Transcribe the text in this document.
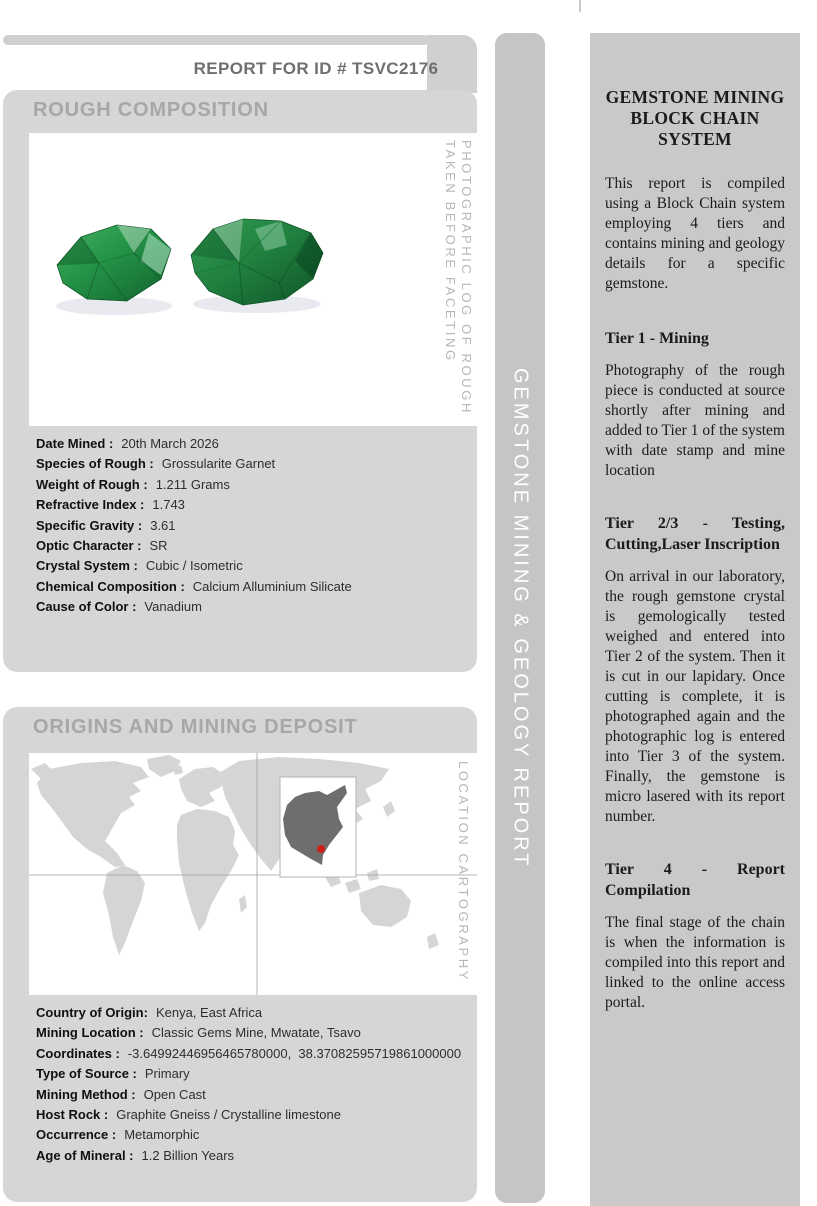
REPORT FOR ID # TSVC2176
ROUGH COMPOSITION
PHOTOGRAPHIC LOG OF ROUGH
TAKEN BEFORE FACETING
Date Mined : 20th March 2026
Species of Rough : Grossularite Garnet
Weight of Rough : 1.211 Grams
Refractive Index : 1.743
Specific Gravity : 3.61
Optic Character : SR
Crystal System : Cubic / Isometric
Chemical Composition : Calcium Alluminium Silicate
Cause of Color : Vanadium
ORIGINS AND MINING DEPOSIT
LOCATION CARTOGRAPHY
Country of Origin: Kenya, East Africa
Mining Location : Classic Gems Mine, Mwatate, Tsavo
Coordinates : -3.64992446956465780000,  38.37082595719861000000
Type of Source : Primary
Mining Method : Open Cast
Host Rock : Graphite Gneiss / Crystalline limestone
Occurrence : Metamorphic
Age of Mineral : 1.2 Billion Years
GEMSTONE MINING & GEOLOGY REPORT
GEMSTONE MINING BLOCK CHAIN SYSTEM

This report is compiled using a Block Chain system employing 4 tiers and contains mining and geology details for a specific gemstone.

Tier 1 - Mining

Photography of the rough piece is conducted at source shortly after mining and added to Tier 1 of the system with date stamp and mine location

Tier 2/3 - Testing, Cutting,Laser Inscription

On arrival in our laboratory, the rough gemstone crystal is gemologically tested weighed and entered into Tier 2 of the system. Then it is cut in our lapidary. Once cutting is complete, it is photographed again and the photographic log is entered into Tier 3 of the system. Finally, the gemstone is micro lasered with its report number.

Tier 4 - Report Compilation

The final stage of the chain is when the information is compiled into this report and linked to the online access portal.
